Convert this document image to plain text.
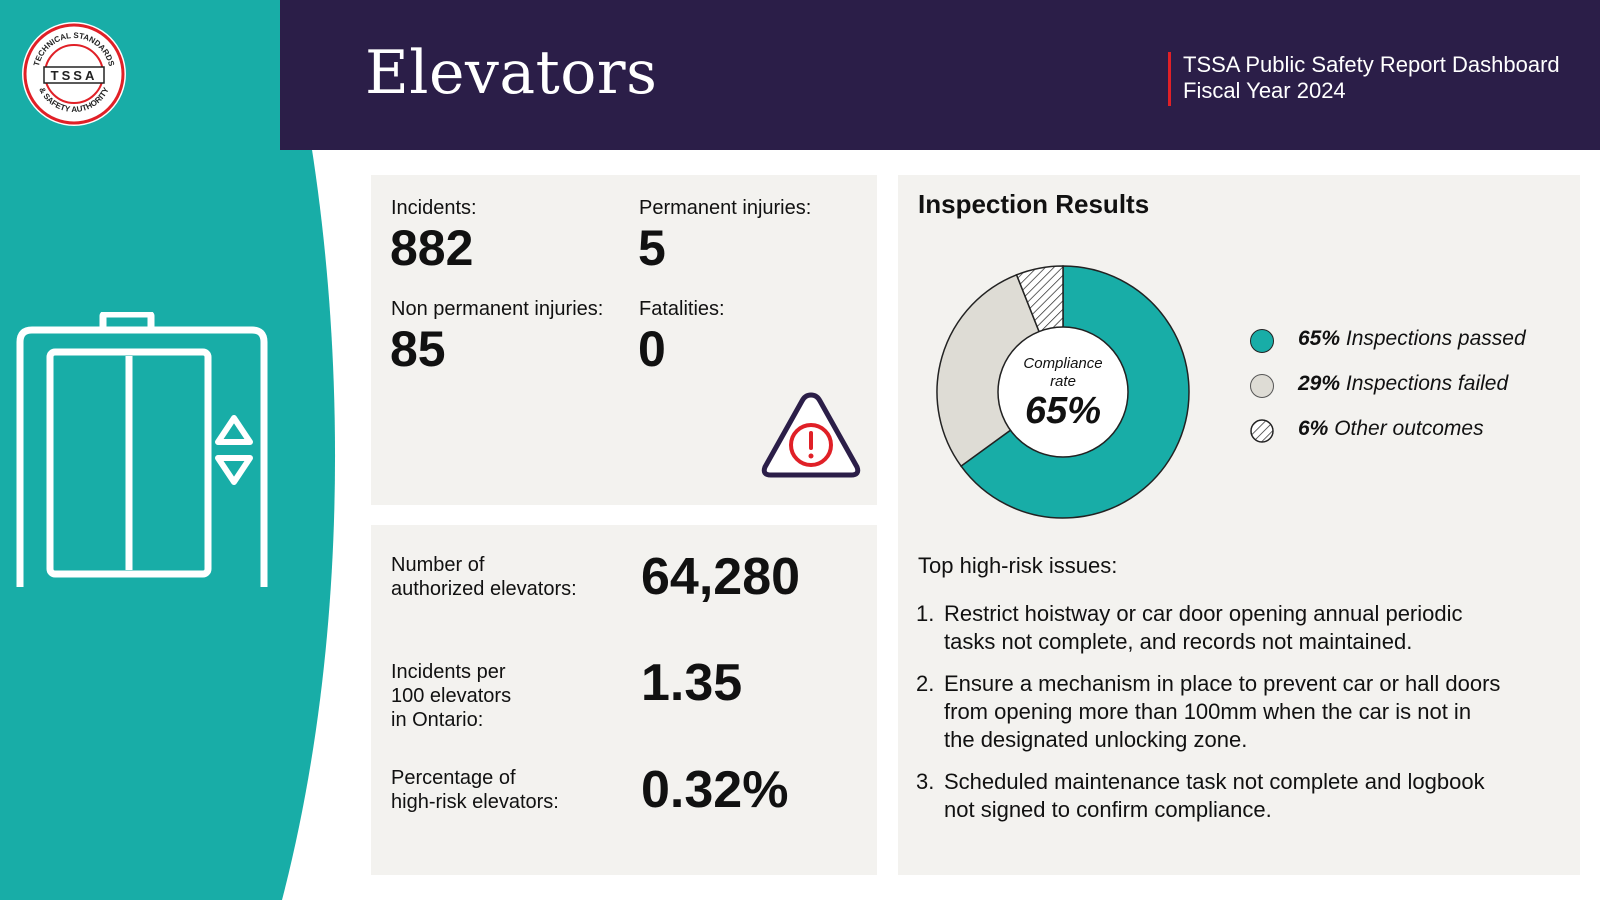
Elevators	TSSA Public Safety Report Dashboard
Fiscal Year 2024
TECHNICAL STANDARDS
& SAFETY AUTHORITY
TSSA
Incidents:
882
Permanent injuries:
5
Non permanent injuries:
85
Fatalities:
0
Number of
authorized elevators:	64,280
Incidents per
100 elevators
in Ontario:
1.35
Percentage of
high-risk elevators:	0.32%
Inspection Results
Compliance
rate
65%
65% Inspections passed
29% Inspections failed
6% Other outcomes
Top high-risk issues:
1. Restrict hoistway or car door opening annual periodic
tasks not complete, and records not maintained.
2. Ensure a mechanism in place to prevent car or hall doors
from opening more than 100mm when the car is not in
the designated unlocking zone.
3. Scheduled maintenance task not complete and logbook
not signed to confirm compliance.
